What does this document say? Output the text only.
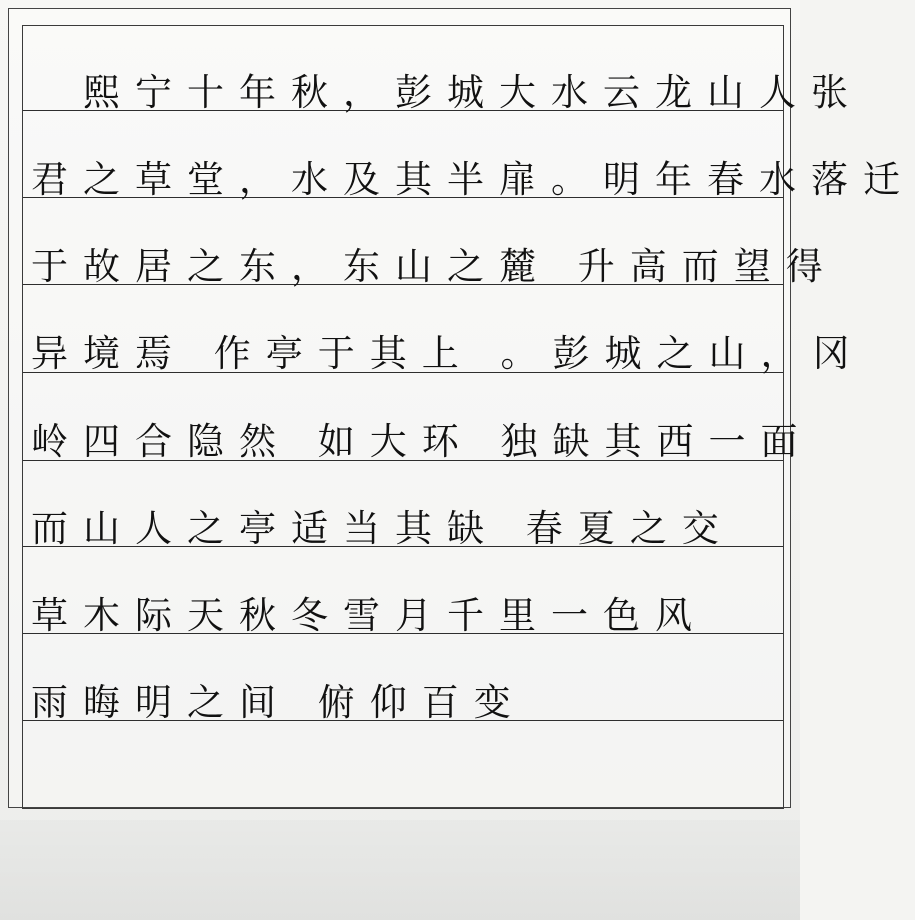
　熙宁十年秋，彭城大水云龙山人张
君之草堂，水及其半扉。明年春水落迁
于故居之东，东山之麓 升高而望得
异境焉 作亭于其上 。彭城之山，冈
岭四合隐然 如大环 独缺其西一面
而山人之亭适当其缺 春夏之交
草木际天秋冬雪月千里一色风
雨晦明之间 俯仰百变
